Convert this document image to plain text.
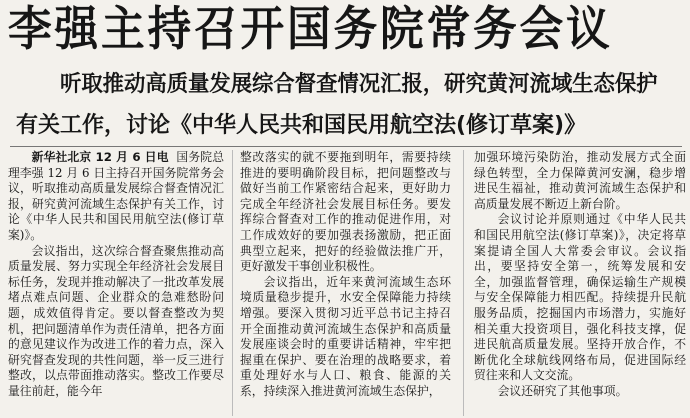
李强主持召开国务院常务会议
听取推动高质量发展综合督查情况汇报，研究黄河流域生态保护
有关工作，讨论《中华人民共和国民用航空法(修订草案)》

新华社北京 12 月 6 日电 国务院总理李强 12 月 6 日主持召开国务院常务会议，听取推动高质量发展综合督查情况汇报，研究黄河流域生态保护有关工作，讨论《中华人民共和国民用航空法(修订草案)》。

会议指出，这次综合督查聚焦推动高质量发展、努力实现全年经济社会发展目标任务，发现并推动解决了一批改革发展堵点难点问题、企业群众的急难愁盼问题，成效值得肯定。要以督查整改为契机，把问题清单作为责任清单，把各方面的意见建议作为改进工作的着力点，深入研究督查发现的共性问题，举一反三进行整改，以点带面推动落实。整改工作要尽量往前赶，能今年

整改落实的就不要拖到明年，需要持续推进的要明确阶段目标，把问题整改与做好当前工作紧密结合起来，更好助力完成全年经济社会发展目标任务。要发挥综合督查对工作的推动促进作用，对工作成效好的要加强表扬激励，把正面典型立起来，把好的经验做法推广开，更好激发干事创业积极性。

会议指出，近年来黄河流域生态环境质量稳步提升，水安全保障能力持续增强。要深入贯彻习近平总书记主持召开全面推动黄河流域生态保护和高质量发展座谈会时的重要讲话精神，牢牢把握重在保护、要在治理的战略要求，着重处理好水与人口、粮食、能源的关系，持续深入推进黄河流域生态保护，

加强环境污染防治，推动发展方式全面绿色转型，全力保障黄河安澜，稳步增进民生福祉，推动黄河流域生态保护和高质量发展不断迈上新台阶。

会议讨论并原则通过《中华人民共和国民用航空法(修订草案)》，决定将草案提请全国人大常委会审议。会议指出，要坚持安全第一，统筹发展和安全，加强监督管理，确保运输生产规模与安全保障能力相匹配。持续提升民航服务品质，挖掘国内市场潜力，实施好相关重大投资项目，强化科技支撑，促进民航高质量发展。坚持开放合作，不断优化全球航线网络布局，促进国际经贸往来和人文交流。

会议还研究了其他事项。
